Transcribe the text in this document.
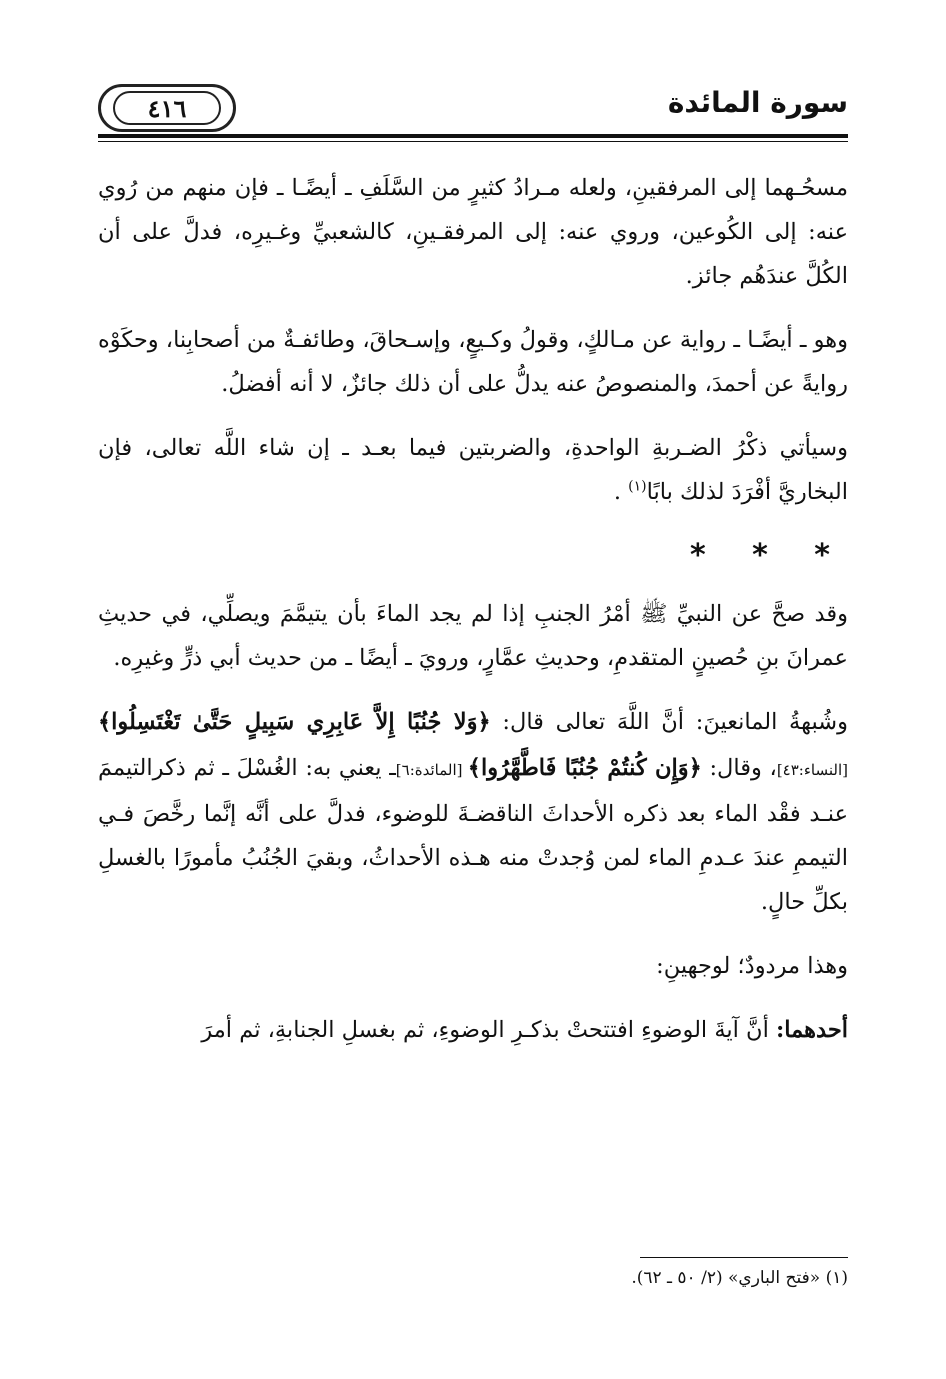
٤١٦	سورة المائدة

مسحُـهما إلى المرفقينِ، ولعله مـرادُ كثيرٍ من السَّلَفِ ـ أيضًـا ـ فإن منهم من رُوي عنه: إلى الكُوعين، وروي عنه: إلى المرفقـينِ، كالشعبيِّ وغـيرِه، فدلَّ على أن الكُلَّ عندَهُم جائز.

وهو ـ أيضًـا ـ رواية عن مـالكٍ، وقولُ وكـيعٍ، وإسـحاقَ، وطائفـةٌ من أصحابِنا، وحكَوْه روايةً عن أحمدَ، والمنصوصُ عنه يدلُّ على أن ذلك جائزٌ، لا أنه أفضلُ.

وسيأتي ذكْرُ الضـربةِ الواحدةِ، والضربتين فيما بعـد ـ إن شاء اللَّه تعالى، فإن البخاريَّ أفْرَدَ لذلك بابًا$^{(١)}$ .

* * *

وقد صحَّ عن النبيِّ ﷺ أمْرُ الجنبِ إذا لم يجد الماءَ بأن يتيمَّمَ ويصلِّي، في حديثِ عمرانَ بنِ حُصينٍ المتقدمِ، وحديثِ عمَّارٍ، ورويَ ـ أيضًا ـ من حديث أبي ذرٍّ وغيرِه.

وشُبهةُ المانعينَ: أنَّ اللَّهَ تعالى قال: ﴿وَلا جُنُبًا إِلاَّ عَابِرِي سَبِيلٍ حَتَّىٰ تَغْتَسِلُوا﴾ [النساء:٤٣]، وقال: ﴿وَإِن كُنتُمْ جُنُبًا فَاطَّهَّرُوا﴾ [المائدة:٦]ـ يعني به: الغُسْلَ ـ ثم ذكرالتيممَ عنـد فقْد الماء بعد ذكره الأحداثَ الناقضـةَ للوضوء، فدلَّ على أنَّه إنَّما رخَّصَ فـي التيممِ عندَ عـدمِ الماء لمن وُجدتْ منه هـذه الأحداثُ، وبقيَ الجُنُبُ مأمورًا بالغسلِ بكلِّ حالٍ.

وهذا مردودٌ؛ لوجهينِ:

أحدهما: أنَّ آيةَ الوضوءِ افتتحتْ بذكـرِ الوضوءِ، ثم بغسلِ الجنابةِ، ثم أمرَ

(١) «فتح الباري» (٢/ ٥٠ ـ ٦٢).
